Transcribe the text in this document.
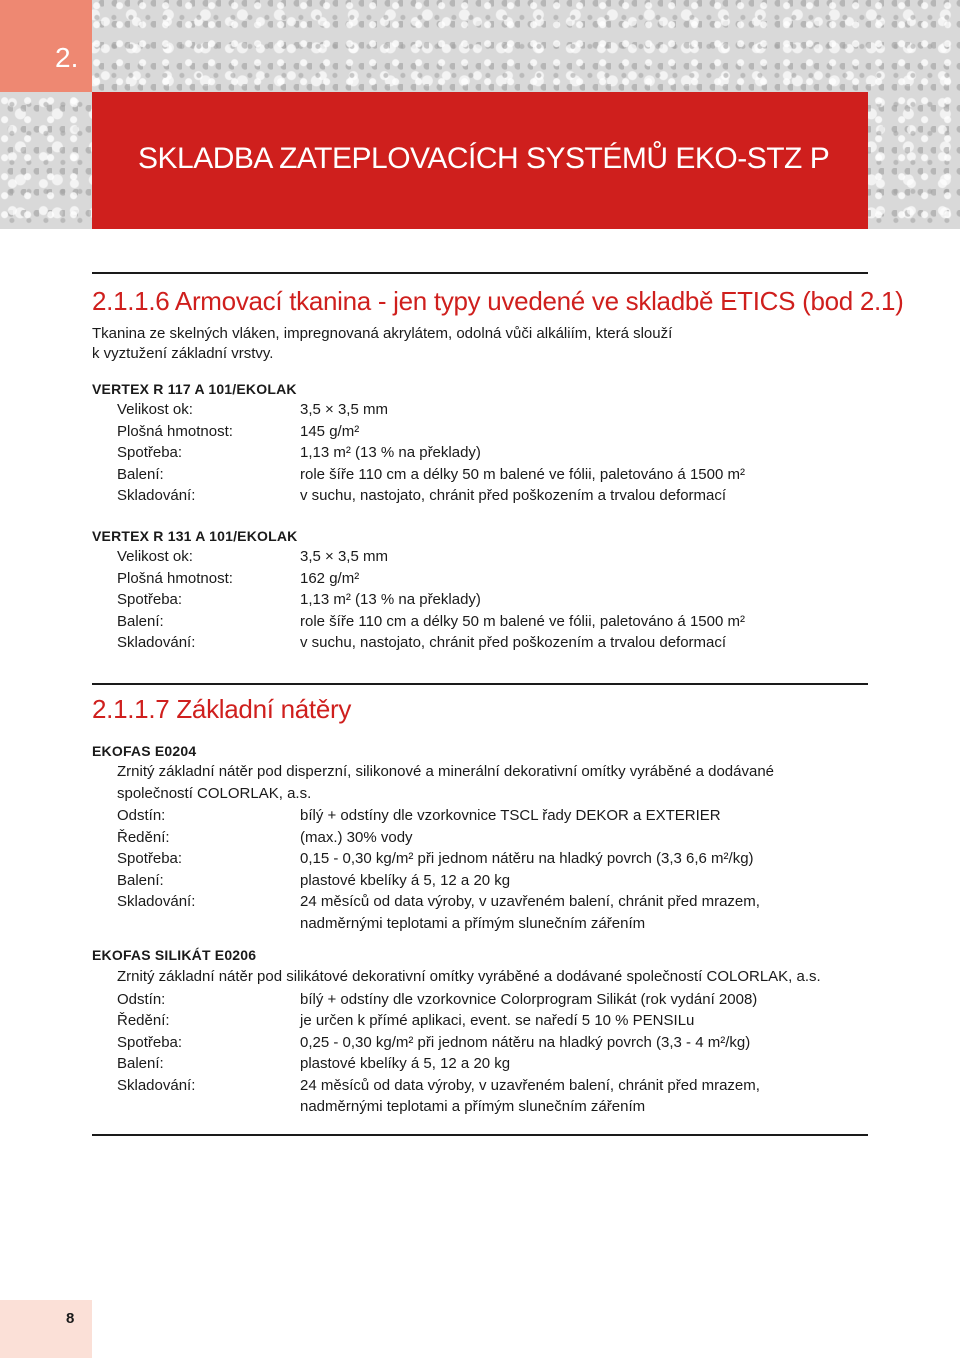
2.
SKLADBA ZATEPLOVACÍCH SYSTÉMŮ EKO-STZ P
2.1.1.6 Armovací tkanina - jen typy uvedené ve skladbě ETICS (bod 2.1)

Tkanina ze skelných vláken, impregnovaná akrylátem, odolná vůči alkáliím, která slouží

k vyztužení základní vrstvy.

VERTEX R 117 A 101/EKOLAK
Velikost ok:	3,5 × 3,5 mm
Plošná hmotnost:	145 g/m²
Spotřeba:	1,13 m² (13 % na překlady)
Balení:	role šíře 110 cm a délky 50 m balené ve fólii, paletováno á 1500 m²
Skladování:	v suchu, nastojato, chránit před poškozením a trvalou deformací
VERTEX R 131 A 101/EKOLAK
Velikost ok:	3,5 × 3,5 mm
Plošná hmotnost:	162 g/m²
Spotřeba:	1,13 m² (13 % na překlady)
Balení:	role šíře 110 cm a délky 50 m balené ve fólii, paletováno á 1500 m²
Skladování:	v suchu, nastojato, chránit před poškozením a trvalou deformací
2.1.1.7 Základní nátěry
EKOFAS E0204

Zrnitý základní nátěr pod disperzní, silikonové a minerální dekorativní omítky vyráběné a dodávané

společností COLORLAK, a.s.

Odstín:	bílý + odstíny dle vzorkovnice TSCL řady DEKOR a EXTERIER
Ředění:	(max.) 30% vody
Spotřeba:	0,15 - 0,30 kg/m² při jednom nátěru na hladký povrch (3,3 6,6 m²/kg)
Balení:	plastové kbelíky á 5, 12 a 20 kg
Skladování:	24 měsíců od data výroby, v uzavřeném balení, chránit před mrazem,
nadměrnými teplotami a přímým slunečním zářením
EKOFAS SILIKÁT E0206

Zrnitý základní nátěr pod silikátové dekorativní omítky vyráběné a dodávané společností COLORLAK, a.s.

Odstín:	bílý + odstíny dle vzorkovnice Colorprogram Silikát (rok vydání 2008)
Ředění:	je určen k přímé aplikaci, event. se naředí 5 10 % PENSILu
Spotřeba:	0,25 - 0,30 kg/m² při jednom nátěru na hladký povrch (3,3 - 4 m²/kg)
Balení:	plastové kbelíky á 5, 12 a 20 kg
Skladování:	24 měsíců od data výroby, v uzavřeném balení, chránit před mrazem,
nadměrnými teplotami a přímým slunečním zářením
8
